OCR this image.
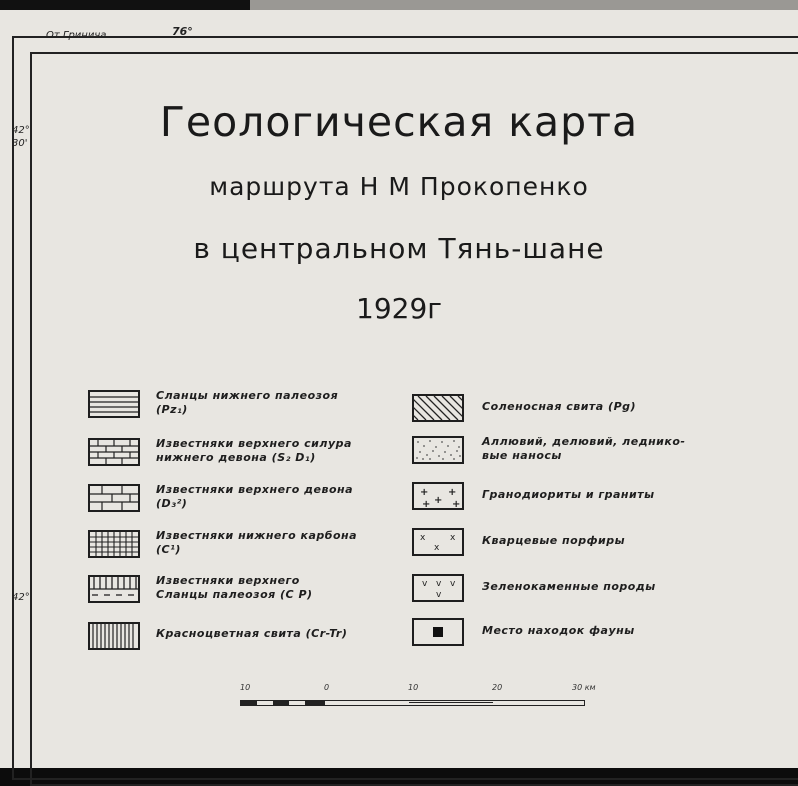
От Гринича	76°
42°
30'
42°
Геологическая карта
маршрута Н М Прокопенко
в центральном Тянь-шане
1929г
Сланцы нижнего палеозоя
(Pz₁)
Известняки верхнего силура
нижнего девона (S₂ D₁)
Известняки верхнего девона
(D₃²)
Известняки нижнего карбона
(C¹)
Известняки верхнего
Сланцы палеозоя (C P)
Красноцветная свита (Cr-Tr)
Соленосная свита (Pg)
Аллювий, делювий, леднико-
вые наносы
+
+
+
+ +
Гранодиориты и граниты
x	x
x
Кварцевые порфиры
v v v
v
Зеленокаменные породы
Место находок фауны
10	0	10	20	30 км
